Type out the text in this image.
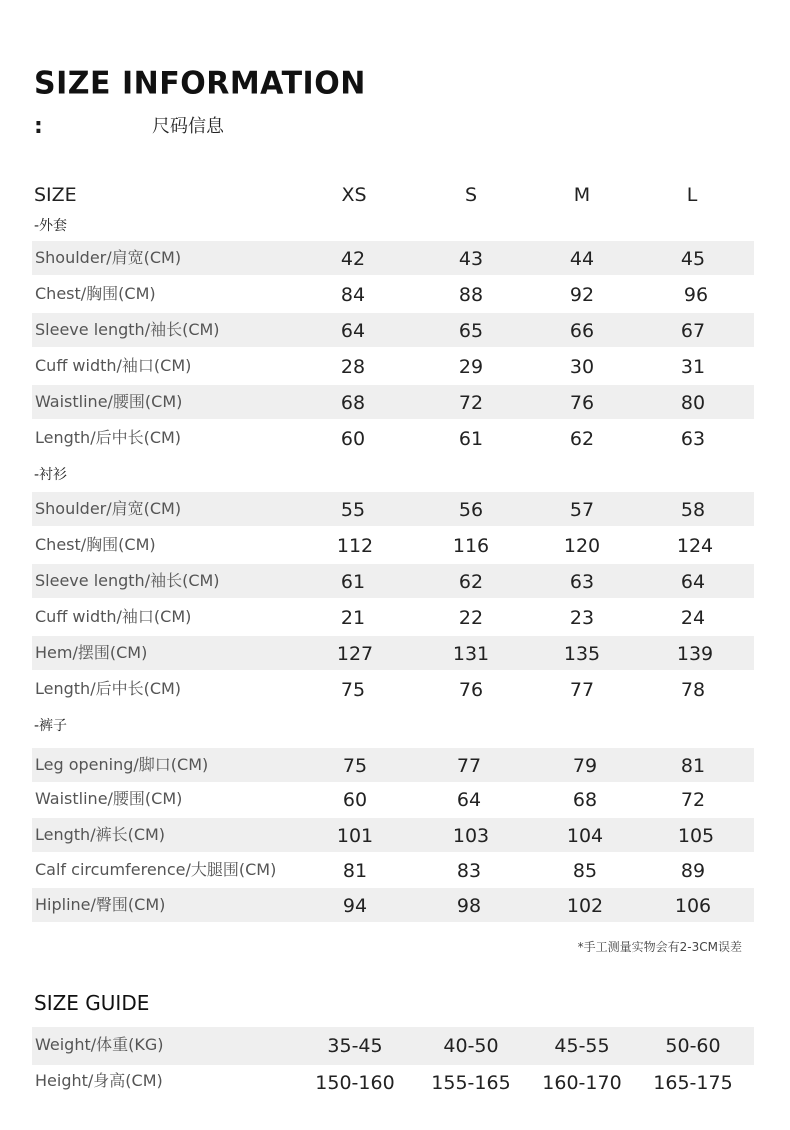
SIZE INFORMATION
:	尺码信息
SIZE	XS	S	M	L
-外套
Shoulder/肩宽(CM)	42	43	44	45
Chest/胸围(CM)	84	88	92	96
Sleeve length/袖长(CM)	64	65	66	67
Cuff width/袖口(CM)	28	29	30	31
Waistline/腰围(CM)	68	72	76	80
Length/后中长(CM)	60	61	62	63
-衬衫
Shoulder/肩宽(CM)	55	56	57	58
Chest/胸围(CM)	112	116	120	124
Sleeve length/袖长(CM)	61	62	63	64
Cuff width/袖口(CM)	21	22	23	24
Hem/摆围(CM)	127	131	135	139
Length/后中长(CM)	75	76	77	78
-裤子
Leg opening/脚口(CM)	75	77	79	81
Waistline/腰围(CM)	60	64	68	72
Length/裤长(CM)	101	103	104	105
Calf circumference/大腿围(CM)	81	83	85	89
Hipline/臀围(CM)	94	98	102	106
*手工测量实物会有2-3CM误差
SIZE GUIDE
Weight/体重(KG)	35-45	40-50	45-55	50-60
Height/身高(CM)	150-160	155-165	160-170	165-175
